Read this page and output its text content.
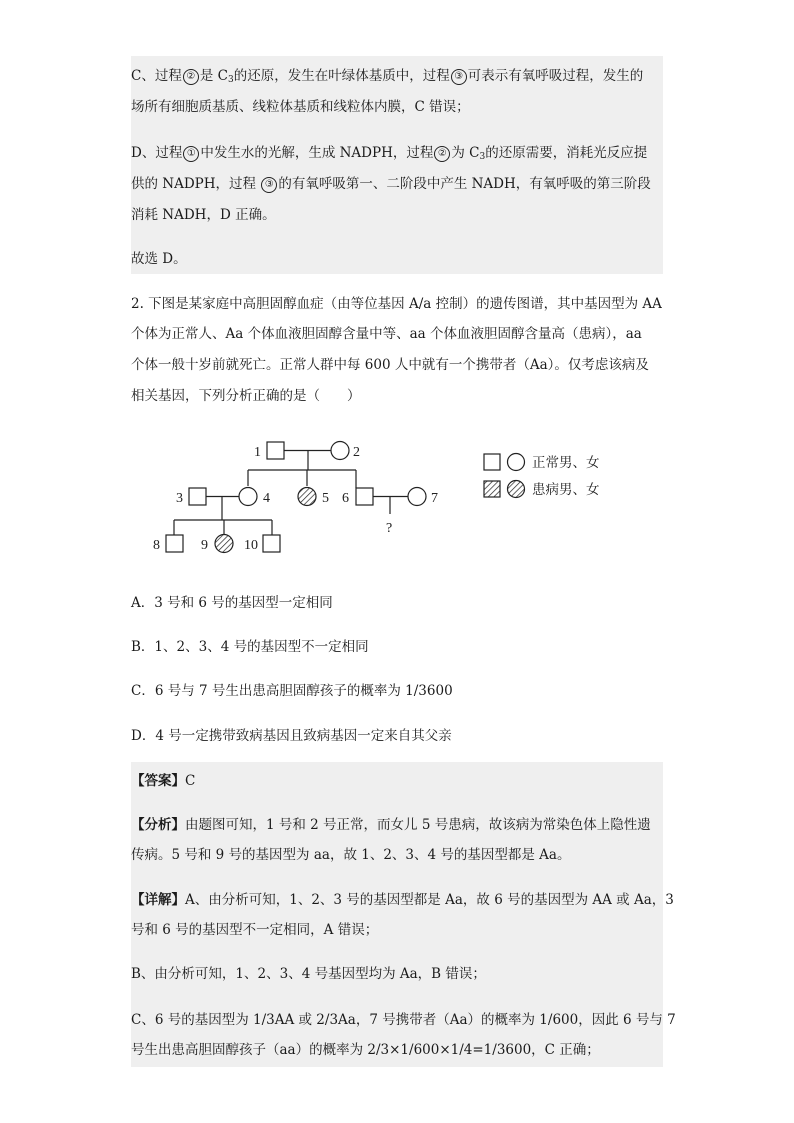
C、过程 ② 是 C3的还原，发生在叶绿体基质中，过程 ③ 可表示有氧呼吸过程，发生的
场所有细胞质基质、线粒体基质和线粒体内膜，C 错误；
D、过程 ① 中发生水的光解，生成 NADPH，过程 ② 为 C3的还原需要，消耗光反应提
供的 NADPH，过程 ③ 的有氧呼吸第一、二阶段中产生 NADH，有氧呼吸的第三阶段
消耗 NADH，D 正确。
故选 D。
2. 下图是某家庭中高胆固醇血症（由等位基因 A/a 控制）的遗传图谱，其中基因型为 AA
个体为正常人、Aa 个体血液胆固醇含量中等、aa 个体血液胆固醇含量高（患病），aa
个体一般十岁前就死亡。正常人群中每 600 人中就有一个携带者（Aa）。仅考虑该病及
相关基因，下列分析正确的是（　　）
1	2
3	4	5 6	7
?
8	9	10
正常男、女
患病男、女
A．3 号和 6 号的基因型一定相同
B．1、2、3、4 号的基因型不一定相同
C．6 号与 7 号生出患高胆固醇孩子的概率为 1/3600
D．4 号一定携带致病基因且致病基因一定来自其父亲
【答案】C
【分析】由题图可知，1 号和 2 号正常，而女儿 5 号患病，故该病为常染色体上隐性遗
传病。5 号和 9 号的基因型为 aa，故 1、2、3、4 号的基因型都是 Aa。
【详解】A、由分析可知，1、2、3 号的基因型都是 Aa，故 6 号的基因型为 AA 或 Aa，3
号和 6 号的基因型不一定相同，A 错误；
B、由分析可知，1、2、3、4 号基因型均为 Aa，B 错误；
C、6 号的基因型为 1/3AA 或 2/3Aa，7 号携带者（Aa）的概率为 1/600，因此 6 号与 7
号生出患高胆固醇孩子（aa）的概率为 2/3×1/600×1/4=1/3600，C 正确；
